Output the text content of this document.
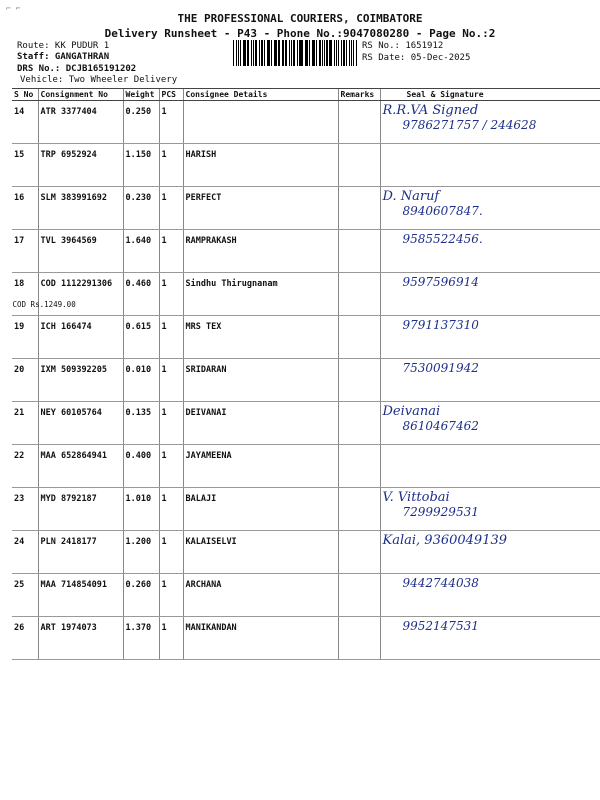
THE PROFESSIONAL COURIERS, COIMBATORE
Delivery Runsheet - P43 - Phone No.:9047080280 - Page No.:2
Route: KK PUDUR 1
Staff: GANGATHRAN
DRS No.: DCJB165191202
Vehicle: Two Wheeler Delivery
RS No.: 1651912
RS Date: 05-Dec-2025
S No	Consignment No	Weight	PCS	Consignee Details	Remarks	Seal & Signature
14	ATR 3377404	0.250	1			R.R.VA Signed
9786271757 / 244628

15	TRP 6952924	1.150	1	HARISH		

16	SLM 383991692	0.230	1	PERFECT		D. Naruf
8940607847.

17	TVL 3964569	1.640	1	RAMPRAKASH		9585522456.

18	COD 1112291306
COD Rs.1249.00	0.460	1	Sindhu Thirugnanam		9597596914

19	ICH 166474	0.615	1	MRS TEX		9791137310

20	IXM 509392205	0.010	1	SRIDARAN		7530091942

21	NEY 60105764	0.135	1	DEIVANAI		Deivanai
8610467462

22	MAA 652864941	0.400	1	JAYAMEENA		

23	MYD 8792187	1.010	1	BALAJI		V. Vittobai
7299929531

24	PLN 2418177	1.200	1	KALAISELVI		Kalai, 9360049139

25	MAA 714854091	0.260	1	ARCHANA		9442744038

26	ART 1974073	1.370	1	MANIKANDAN		9952147531
⌐ ⌐
